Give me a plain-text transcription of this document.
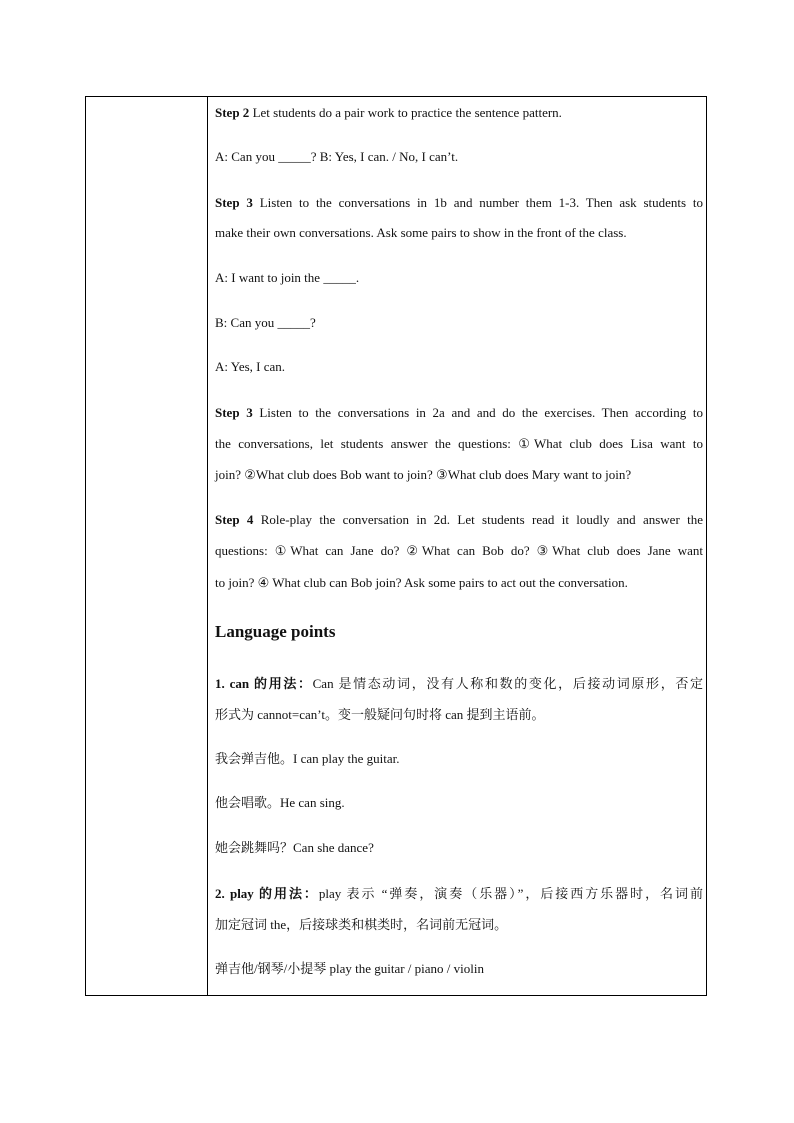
Step 2 Let students do a pair work to practice the sentence pattern.
A: Can you _____? B: Yes, I can. / No, I can’t.
Step 3 Listen to the conversations in 1b and number them 1-3. Then ask students to
make their own conversations. Ask some pairs to show in the front of the class.
A: I want to join the _____.
B: Can you _____?
A: Yes, I can.
Step 3 Listen to the conversations in 2a and and do the exercises. Then according to
the conversations, let students answer the questions: ①What club does Lisa want to
join? ②What club does Bob want to join? ③What club does Mary want to join?
Step 4 Role-play the conversation in 2d. Let students read it loudly and answer the
questions: ①What can Jane do? ②What can Bob do? ③What club does Jane want
to join? ④ What club can Bob join? Ask some pairs to act out the conversation.
Language points
1. can 的用法：Can 是情态动词，没有人称和数的变化，后接动词原形，否定
形式为 cannot=can’t。变一般疑问句时将 can 提到主语前。
我会弹吉他。I can play the guitar.
他会唱歌。He can sing.
她会跳舞吗？Can she dance?
2. play 的用法：play 表示 “弹奏，演奏（乐器）”，后接西方乐器时，名词前
加定冠词 the，后接球类和棋类时，名词前无冠词。
弹吉他/钢琴/小提琴 play the guitar / piano / violin
